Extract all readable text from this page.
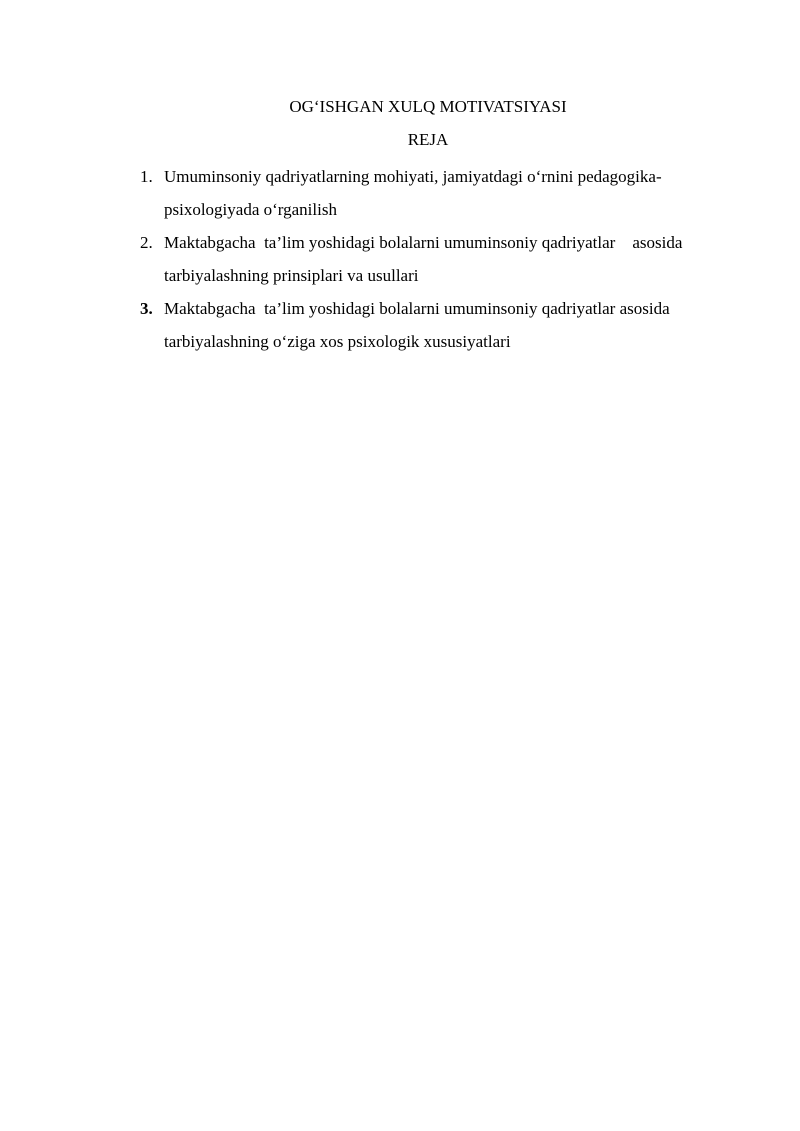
OG‘ISHGAN XULQ MOTIVATSIYASI
REJA
1. Umuminsoniy qadriyatlarning mohiyati, jamiyatdagi o‘rnini pedagogika-
psixologiyada o‘rganilish
2. Maktabgacha  ta’lim yoshidagi bolalarni umuminsoniy qadriyatlar    asosida
tarbiyalashning prinsiplari va usullari
3. Maktabgacha  ta’lim yoshidagi bolalarni umuminsoniy qadriyatlar asosida
tarbiyalashning o‘ziga xos psixologik xususiyatlari
